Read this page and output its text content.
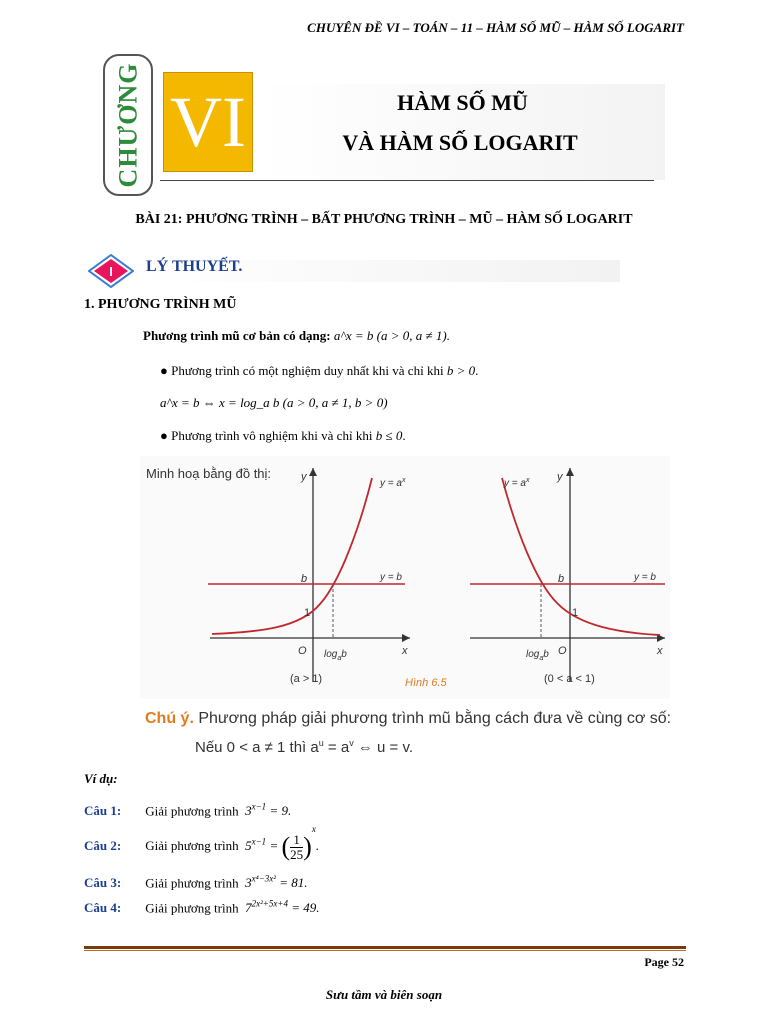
CHUYÊN ĐỀ VI – TOÁN – 11 – HÀM SỐ MŨ – HÀM SỐ LOGARIT
CHƯƠNG VI	HÀM SỐ MŨ
VÀ HÀM SỐ LOGARIT
BÀI 21: PHƯƠNG TRÌNH – BẤT PHƯƠNG TRÌNH – MŨ – HÀM SỐ LOGARIT
I LÝ THUYẾT.
1. PHƯƠNG TRÌNH MŨ
Phương trình mũ cơ bản có dạng: a^x = b (a > 0, a ≠ 1).
● Phương trình có một nghiệm duy nhất khi và chỉ khi b > 0.
a^x = b ⇔ x = log_a b (a > 0, a ≠ 1, b > 0)
● Phương trình vô nghiệm khi và chỉ khi b ≤ 0.
Minh hoạ bằng đồ thị:	y
x
O
b
1
$y = a^x$
y = b
$\log_ab$
(a > 1)	Hình 6.5
y
x
O
b
1
$y = a^x$
y = b
$\log_ab$
(0 < a < 1)
Chú ý. Phương pháp giải phương trình mũ bằng cách đưa về cùng cơ số:
Nếu 0 < a ≠ 1 thì $a^u = a^v$ ⇔ u = v.
Ví dụ:
Câu 1: Giải phương trình $3^{x-1} = 9$.
Câu 2: Giải phương trình $5^{x-1}$ = ( $\frac{1}{25} )^x$.
Câu 3: Giải phương trình $3^{x^4-3x^2} = 81$.
Câu 4: Giải phương trình $7^{2x^2+5x+4} = 49$.
Page 52
Sưu tầm và biên soạn
